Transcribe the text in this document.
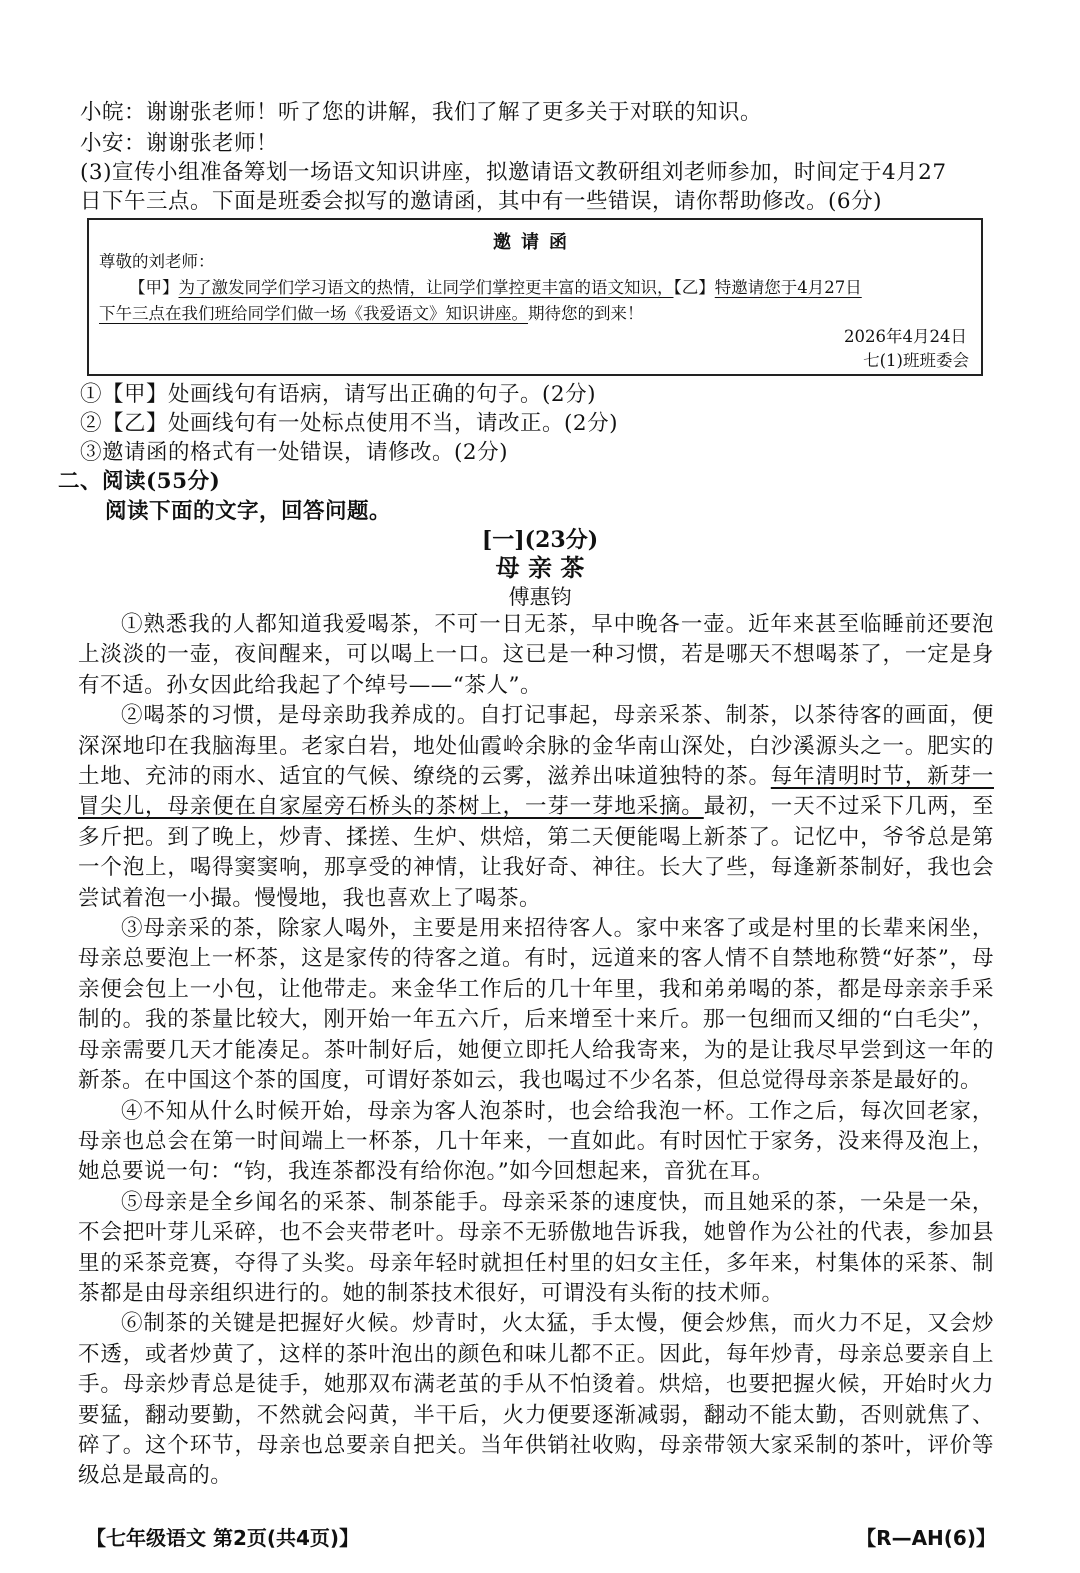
小皖：谢谢张老师！听了您的讲解，我们了解了更多关于对联的知识。
小安：谢谢张老师！
(3)宣传小组准备筹划一场语文知识讲座，拟邀请语文教研组刘老师参加，时间定于4月27
日下午三点。下面是班委会拟写的邀请函，其中有一些错误，请你帮助修改。(6分)
邀请函
尊敬的刘老师：
【甲】为了激发同学们学习语文的热情，让同学们掌控更丰富的语文知识，【乙】特邀请您于4月27日
下午三点在我们班给同学们做一场《我爱语文》知识讲座。期待您的到来！
2026年4月24日
七(1)班班委会
①【甲】处画线句有语病，请写出正确的句子。(2分)
②【乙】处画线句有一处标点使用不当，请改正。(2分)
③邀请函的格式有一处错误，请修改。(2分)
二、阅读(55分)
阅读下面的文字，回答问题。
[一](23分)
母 亲 茶
傅惠钧
①熟悉我的人都知道我爱喝茶，不可一日无茶，早中晚各一壶。近年来甚至临睡前还要泡上淡淡的一壶，夜间醒来，可以喝上一口。这已是一种习惯，若是哪天不想喝茶了，一定是身有不适。孙女因此给我起了个绰号——“茶人”。
②喝茶的习惯，是母亲助我养成的。自打记事起，母亲采茶、制茶，以茶待客的画面，便深深地印在我脑海里。老家白岩，地处仙霞岭余脉的金华南山深处，白沙溪源头之一。肥实的土地、充沛的雨水、适宜的气候、缭绕的云雾，滋养出味道独特的茶。每年清明时节，新芽一冒尖儿，母亲便在自家屋旁石桥头的茶树上，一芽一芽地采摘。最初，一天不过采下几两，至多斤把。到了晚上，炒青、揉搓、生炉、烘焙，第二天便能喝上新茶了。记忆中，爷爷总是第一个泡上，喝得窦窦响，那享受的神情，让我好奇、神往。长大了些，每逢新茶制好，我也会尝试着泡一小撮。慢慢地，我也喜欢上了喝茶。
③母亲采的茶，除家人喝外，主要是用来招待客人。家中来客了或是村里的长辈来闲坐，母亲总要泡上一杯茶，这是家传的待客之道。有时，远道来的客人情不自禁地称赞“好茶”，母亲便会包上一小包，让他带走。来金华工作后的几十年里，我和弟弟喝的茶，都是母亲亲手采制的。我的茶量比较大，刚开始一年五六斤，后来增至十来斤。那一包细而又细的“白毛尖”，母亲需要几天才能凑足。茶叶制好后，她便立即托人给我寄来，为的是让我尽早尝到这一年的新茶。在中国这个茶的国度，可谓好茶如云，我也喝过不少名茶，但总觉得母亲茶是最好的。
④不知从什么时候开始，母亲为客人泡茶时，也会给我泡一杯。工作之后，每次回老家，母亲也总会在第一时间端上一杯茶，几十年来，一直如此。有时因忙于家务，没来得及泡上，她总要说一句：“钧，我连茶都没有给你泡。”如今回想起来，音犹在耳。
⑤母亲是全乡闻名的采茶、制茶能手。母亲采茶的速度快，而且她采的茶，一朵是一朵，不会把叶芽儿采碎，也不会夹带老叶。母亲不无骄傲地告诉我，她曾作为公社的代表，参加县里的采茶竞赛，夺得了头奖。母亲年轻时就担任村里的妇女主任，多年来，村集体的采茶、制茶都是由母亲组织进行的。她的制茶技术很好，可谓没有头衔的技术师。
⑥制茶的关键是把握好火候。炒青时，火太猛，手太慢，便会炒焦，而火力不足，又会炒不透，或者炒黄了，这样的茶叶泡出的颜色和味儿都不正。因此，每年炒青，母亲总要亲自上手。母亲炒青总是徒手，她那双布满老茧的手从不怕烫着。烘焙，也要把握火候，开始时火力要猛，翻动要勤，不然就会闷黄，半干后，火力便要逐渐减弱，翻动不能太勤，否则就焦了、碎了。这个环节，母亲也总要亲自把关。当年供销社收购，母亲带领大家采制的茶叶，评价等级总是最高的。
【七年级语文 第2页(共4页)】	【R—AH(6)】
